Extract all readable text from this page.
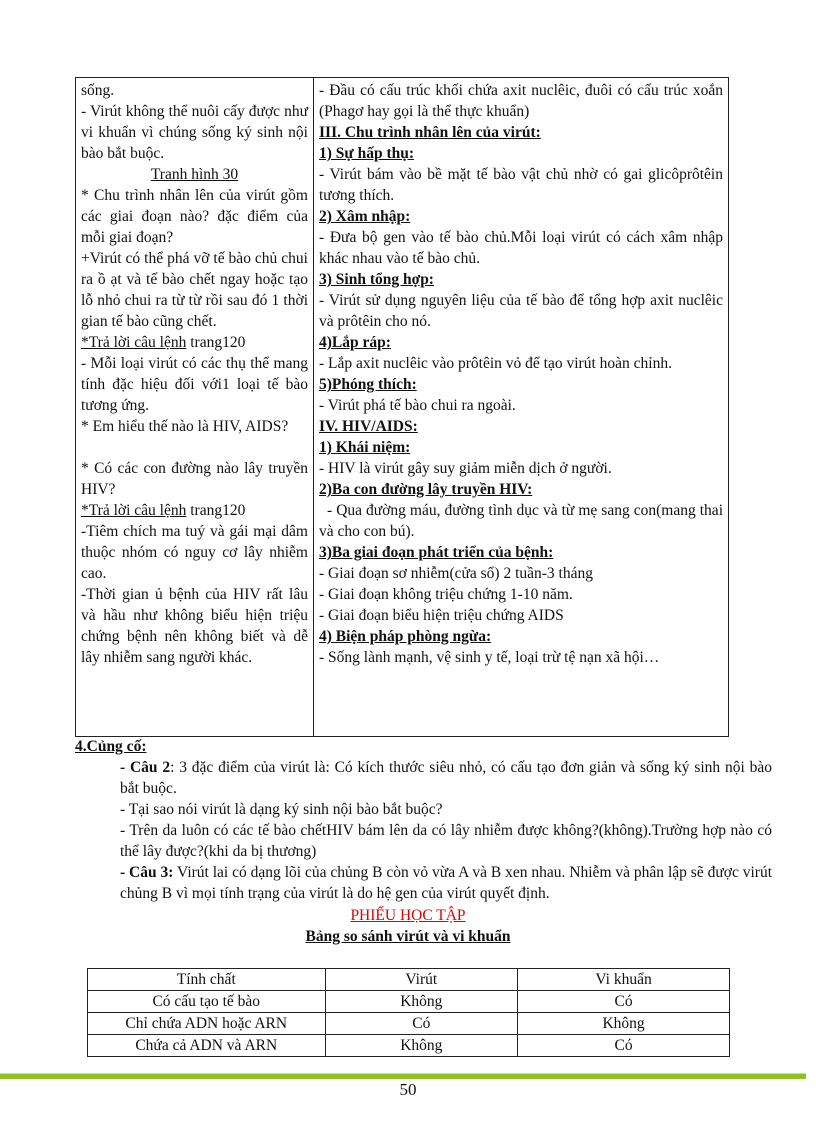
sống.

- Virút không thể nuôi cấy được như vi khuẩn vì chúng sống ký sinh nội bào bắt buộc.

Tranh hình 30

* Chu trình nhân lên của virút gồm các giai đoạn nào? đặc điểm của mỗi giai đoạn?

+Virút có thể phá vỡ tế bào chủ chui ra ồ ạt và tế bào chết ngay hoặc tạo lỗ nhỏ chui ra từ từ rồi sau đó 1 thời gian tế bào cũng chết.

*Trả lời câu lệnh trang120

- Mỗi loại virút có các thụ thể mang tính đặc hiệu đối với1 loại tế bào tương ứng.

* Em hiểu thế nào là HIV, AIDS?

* Có các con đường nào lây truyền HIV?

*Trả lời câu lệnh trang120

-Tiêm chích ma tuý và gái mại dâm thuộc nhóm có nguy cơ lây nhiễm cao.

-Thời gian ủ bệnh của HIV rất lâu và hầu như không biểu hiện triệu chứng bệnh nên không biết và dễ lây nhiễm sang người khác.

- Đầu có cấu trúc khối chứa axit nuclêic, đuôi có cấu trúc xoắn (Phagơ hay gọi là thể thực khuẩn)

III. Chu trình nhân lên của virút:

1) Sự hấp thụ:

- Virút bám vào bề mặt tế bào vật chủ nhờ có gai glicôprôtêin tương thích.

2) Xâm nhập:

- Đưa bộ gen vào tế bào chủ.Mỗi loại virút có cách xâm nhập khác nhau vào tế bào chủ.

3) Sinh tổng hợp:

- Virút sử dụng nguyên liệu của tế bào để tổng hợp axit nuclêic và prôtêin cho nó.

4)Lắp ráp:

- Lắp axit nuclêic vào prôtêin vỏ để tạo virút hoàn chỉnh.

5)Phóng thích:

- Virút phá tế bào chui ra ngoài.

IV. HIV/AIDS:

1) Khái niệm:

- HIV là virút gây suy giảm miễn dịch ở người.

2)Ba con đường lây truyền HIV:

- Qua đường máu, đường tình dục và từ mẹ sang con(mang thai và cho con bú).

3)Ba giai đoạn phát triển của bệnh:

- Giai đoạn sơ nhiễm(cửa sổ) 2 tuần-3 tháng

- Giai đoạn không triệu chứng 1-10 năm.

- Giai đoạn biểu hiện triệu chứng AIDS

4) Biện pháp phòng ngừa:

- Sống lành mạnh, vệ sinh y tế, loại trừ tệ nạn xã hội…

4.Củng cố:

- Câu 2: 3 đặc điểm của virút là: Có kích thước siêu nhỏ, có cấu tạo đơn giản và sống ký sinh nội bào bắt buộc.

- Tại sao nói virút là dạng ký sinh nội bào bắt buộc?

- Trên da luôn có các tế bào chếtHIV bám lên da có lây nhiễm được không?(không).Trường hợp nào có thể lây được?(khi da bị thương)

- Câu 3: Virút lai có dạng lõi của chủng B còn vỏ vừa A và B xen nhau. Nhiễm và phân lập sẽ được virút chủng B vì mọi tính trạng của virút là do hệ gen của virút quyết định.

PHIẾU HỌC TẬP
Bảng so sánh virút và vi khuẩn
Tính chất	Virút	Vi khuẩn
Có cấu tạo tế bào	Không	Có
Chỉ chứa ADN hoặc ARN	Có	Không
Chứa cả ADN và ARN	Không	Có
50
